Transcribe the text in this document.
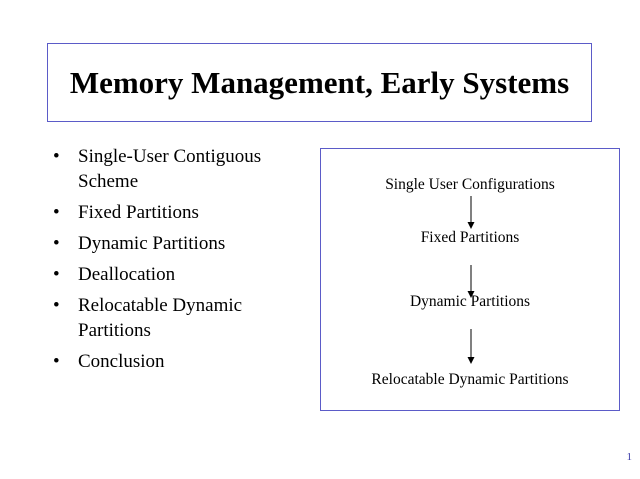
Memory Management, Early Systems
• Single-User Contiguous Scheme
• Fixed Partitions
• Dynamic Partitions
• Deallocation
• Relocatable Dynamic Partitions
• Conclusion
Single User Configurations
Fixed Partitions
Dynamic Partitions
Relocatable Dynamic Partitions
1
